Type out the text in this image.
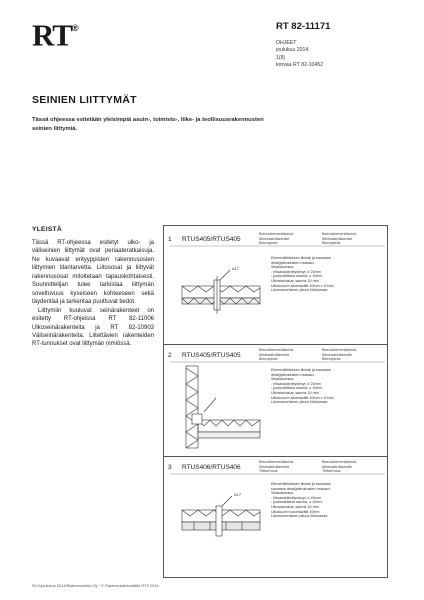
RT®	RT 82-11171
OHJEET
joulukuu 2014
1(8)
korvaa RT 82-10452
SEINIEN LIITTYMÄT
Tässä ohjeessa esitetään yleisimpiä asuin-, toimisto-, liike- ja teollisuusrakennusten seinien liittymiä.
YLEISTÄ

Tässä RT-ohjeessa esitetyt ulko- ja väliseinien liittymät ovat periaateratkaisuja. Ne kuvaavat erityyppisten rakennusosien liittymien tilantarvetta. Liitososat ja liittyvät rakennusosat mitoitetaan tapauskohtaisesti. Suunnittelijan tulee tarkistaa liittymän soveltuvuus kyseiseen kohteeseen sekä täydentää ja tarkentaa puuttuvat tiedot.

Liittymiin kuuluvat seinärakenteet on esitetty RT-ohjeissa RT 82-11006 Ulkoseinärakenteita ja RT 82-10903 Väliseinärakenteita. Liitettävien rakenteiden RT-tunnukset ovat liittymän nimiössä.

1 RTUS405/RTUS405
Betonielementtiseinä
Mineraalivillaeriste
Betonipinta
Betonielementtiseinä
Mineraalivillaeriste
Betonipinta
A17
Elementtiliitoksen tiiviste ja saumaus
detaljipiirustusten mukaan.
Sisäsaumaus:
- hitsauskiinnityslevyt, k 20mm
- juoksutettava sauma, ≥ 10mm
Ulkosaumaus: sauma 15 mm
Ulkokuoren saumavälit 10mm x 10mm
Lämmöneristeen pituus liitoksessa
2 RTUS405/RTUS405
Betonielementtiseinä
Mineraalivillaeriste
Betonipinta
Betonielementtiseinä
Mineraalivillaeriste
Betonipinta
Elementtiliitoksen tiiviste ja saumaus
detaljipiirustusten mukaan.
Sisäsaumaus:
- hitsauskiinnityslevyt, k 20mm
- juoksutettava sauma, ≥ 10mm
Ulkosaumaus: sauma 15 mm
Ulkokuoren saumavälit 10mm x 10mm
Lämmöneristeen pituus liitoksessa
3 RTUS406/RTUS406
Betonielementtiseinä
Mineraalivillaeriste
Tiiliverhous
Betonielementtiseinä
Mineraalivillaeriste
Tiiliverhous
A17
Elementtiliitoksen tiiviste ja saumaus
saumaus detaljipiirustusten mukaan.
Sisäsaumaus:
- hitsauskiinnityslevyt, k 20mm
- juoksutettava sauma, ≥ 10mm
Ulkosaumaus: sauma 15 mm
Ulkokuoren saumavälit 10mm
Lämmöneristeen pituus liitoksessa
RL/1/joulukuu 2014/Rakennustieto Oy · © Rakennustietosäätiö RTS 2014
